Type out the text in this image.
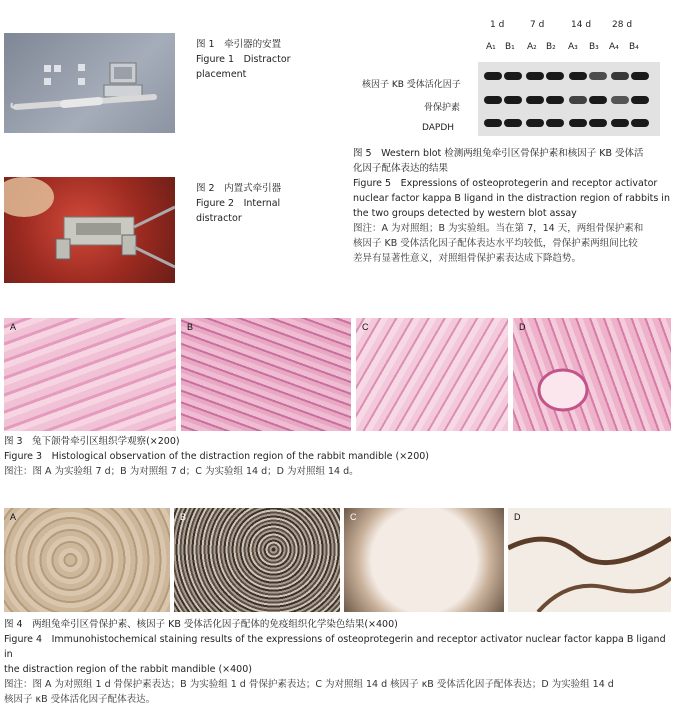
图 1　牵引器的安置
Figure 1　Distractor
placement
图 2　内置式牵引器
Figure 2　Internal
distractor
1 d	7 d	14 d 28 d
A₁ B₁ A₂ B₂ A₃ B₃ A₄ B₄
核因子 KB 受体活化因子
骨保护素
DAPDH
图 5　Western blot 检测两组兔牵引区骨保护素和核因子 KB 受体活
化因子配体表达的结果
Figure 5　Expressions of osteoprotegerin and receptor activator
nuclear factor kappa B ligand in the distraction region of rabbits in
the two groups detected by western blot assay
图注：A 为对照组；B 为实验组。当在第 7，14 天，两组骨保护素和
核因子 KB 受体活化因子配体表达水平均较低，骨保护素两组间比较
差异有显著性意义，对照组骨保护素表达成下降趋势。
A	B	C	D
图 3　兔下颌骨牵引区组织学观察(×200)
Figure 3　Histological observation of the distraction region of the rabbit mandible (×200)
图注：图 A 为实验组 7 d；B 为对照组 7 d；C 为实验组 14 d；D 为对照组 14 d。
A	B	C	D
图 4　两组兔牵引区骨保护素、核因子 KB 受体活化因子配体的免疫组织化学染色结果(×400)
Figure 4　Immunohistochemical staining results of the expressions of osteoprotegerin and receptor activator nuclear factor kappa B ligand in
the distraction region of the rabbit mandible (×400)
图注：图 A 为对照组 1 d 骨保护素表达；B 为实验组 1 d 骨保护素表达；C 为对照组 14 d 核因子 κB 受体活化因子配体表达；D 为实验组 14 d
核因子 κB 受体活化因子配体表达。
